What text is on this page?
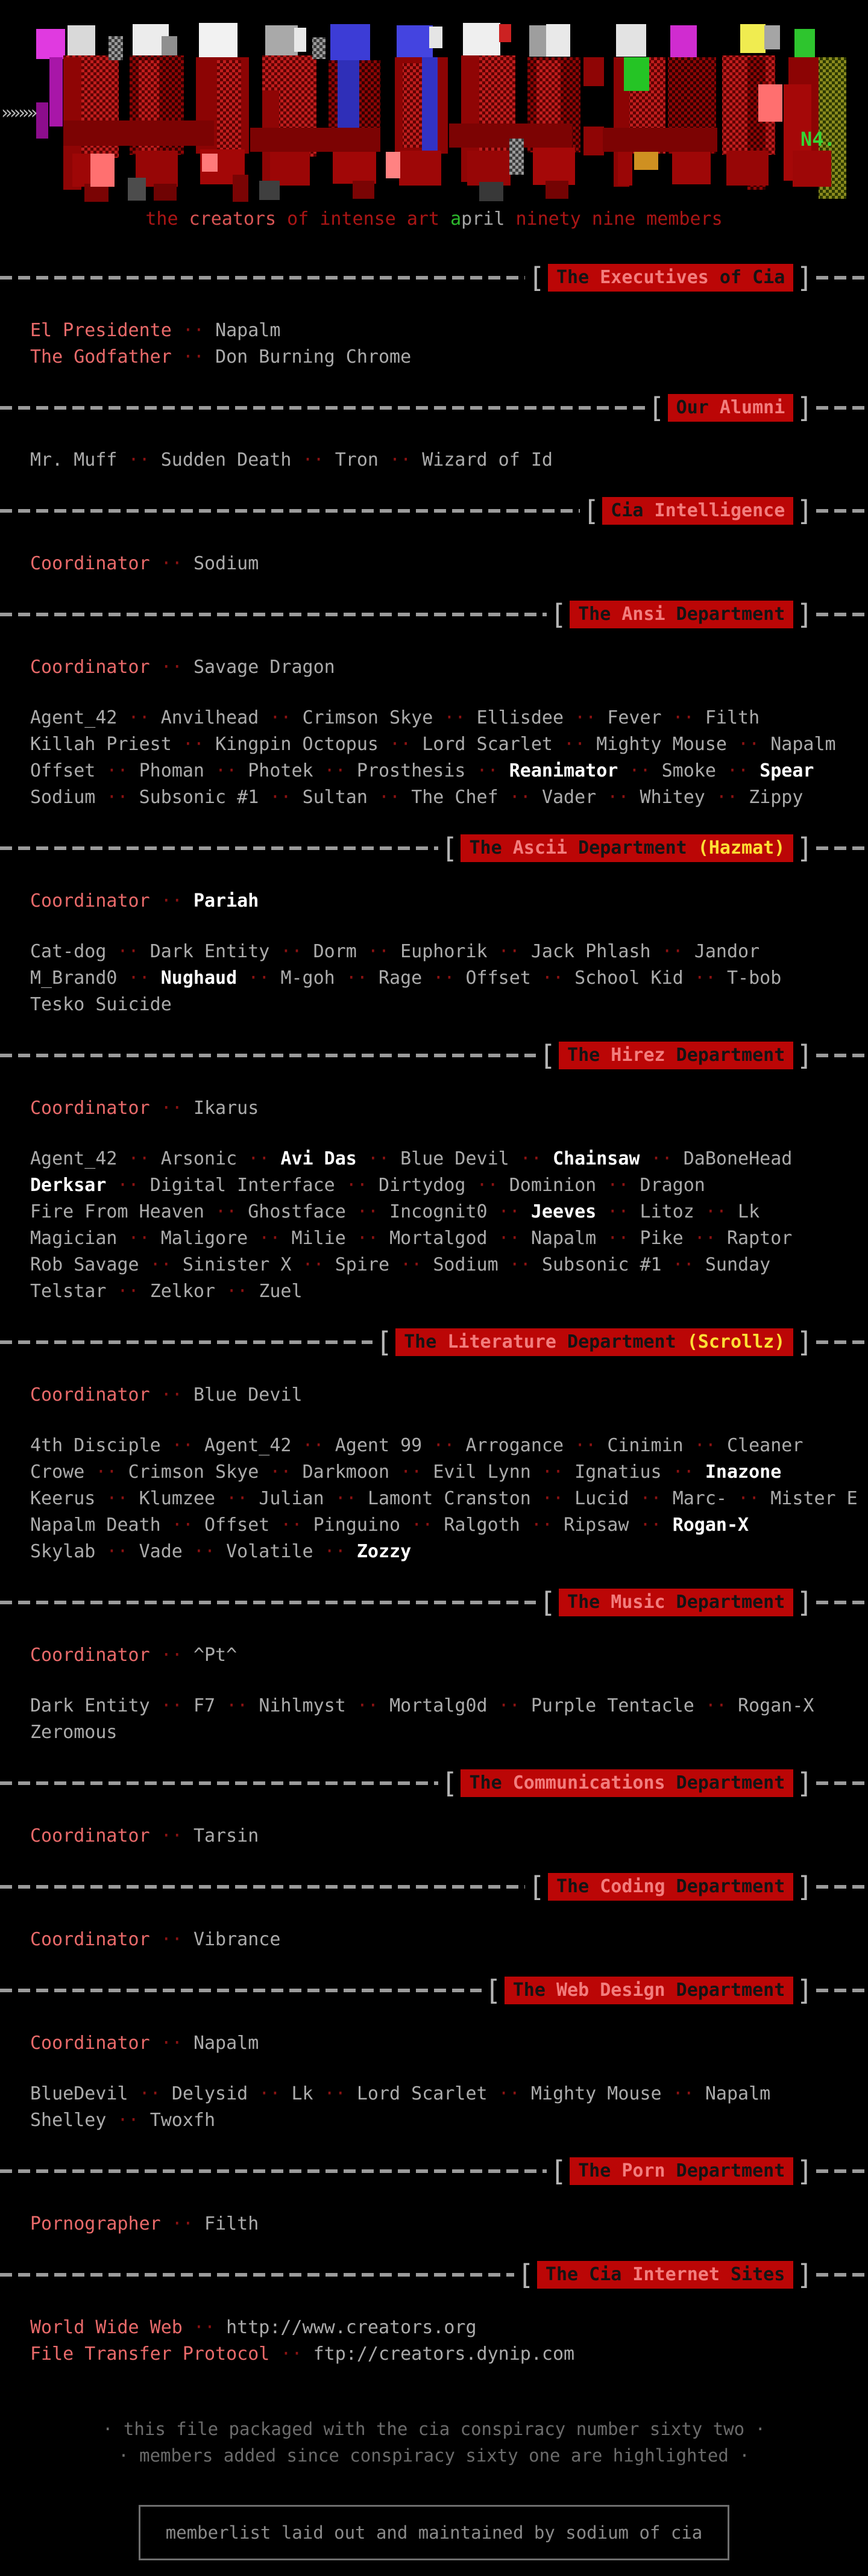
»»»»
N4.
the creators of intense art april ninety nine members
[ The Executives of Cia ]
El Presidente ·· Napalm
The Godfather ·· Don Burning Chrome
[ Our Alumni ]
Mr. Muff ·· Sudden Death ·· Tron ·· Wizard of Id
[ Cia Intelligence ]
Coordinator ·· Sodium
[ The Ansi Department ]
Coordinator ·· Savage Dragon
Agent_42 ·· Anvilhead ·· Crimson Skye ·· Ellisdee ·· Fever ·· Filth
Killah Priest ·· Kingpin Octopus ·· Lord Scarlet ·· Mighty Mouse ·· Napalm
Offset ·· Phoman ·· Photek ·· Prosthesis ·· Reanimator ·· Smoke ·· Spear
Sodium ·· Subsonic #1 ·· Sultan ·· The Chef ·· Vader ·· Whitey ·· Zippy
[ The Ascii Department (Hazmat) ]
Coordinator ·· Pariah
Cat-dog ·· Dark Entity ·· Dorm ·· Euphorik ·· Jack Phlash ·· Jandor
M_Brand0 ·· Nughaud ·· M-goh ·· Rage ·· Offset ·· School Kid ·· T-bob
Tesko Suicide
[ The Hirez Department ]
Coordinator ·· Ikarus
Agent_42 ·· Arsonic ·· Avi Das ·· Blue Devil ·· Chainsaw ·· DaBoneHead
Derksar ·· Digital Interface ·· Dirtydog ·· Dominion ·· Dragon
Fire From Heaven ·· Ghostface ·· Incognit0 ·· Jeeves ·· Litoz ·· Lk
Magician ·· Maligore ·· Milie ·· Mortalgod ·· Napalm ·· Pike ·· Raptor
Rob Savage ·· Sinister X ·· Spire ·· Sodium ·· Subsonic #1 ·· Sunday
Telstar ·· Zelkor ·· Zuel
[ The Literature Department (Scrollz) ]
Coordinator ·· Blue Devil
4th Disciple ·· Agent_42 ·· Agent 99 ·· Arrogance ·· Cinimin ·· Cleaner
Crowe ·· Crimson Skye ·· Darkmoon ·· Evil Lynn ·· Ignatius ·· Inazone
Keerus ·· Klumzee ·· Julian ·· Lamont Cranston ·· Lucid ·· Marc- ·· Mister E
Napalm Death ·· Offset ·· Pinguino ·· Ralgoth ·· Ripsaw ·· Rogan-X
Skylab ·· Vade ·· Volatile ·· Zozzy
[ The Music Department ]
Coordinator ·· ^Pt^
Dark Entity ·· F7 ·· Nihlmyst ·· Mortalg0d ·· Purple Tentacle ·· Rogan-X
Zeromous
[ The Communications Department ]
Coordinator ·· Tarsin
[ The Coding Department ]
Coordinator ·· Vibrance
[ The Web Design Department ]
Coordinator ·· Napalm
BlueDevil ·· Delysid ·· Lk ·· Lord Scarlet ·· Mighty Mouse ·· Napalm
Shelley ·· Twoxfh
[ The Porn Department ]
Pornographer ·· Filth
[ The Cia Internet Sites ]
World Wide Web ·· http://www.creators.org
File Transfer Protocol ·· ftp://creators.dynip.com
· this file packaged with the cia conspiracy number sixty two ·
· members added since conspiracy sixty one are highlighted ·
memberlist laid out and maintained by sodium of cia
